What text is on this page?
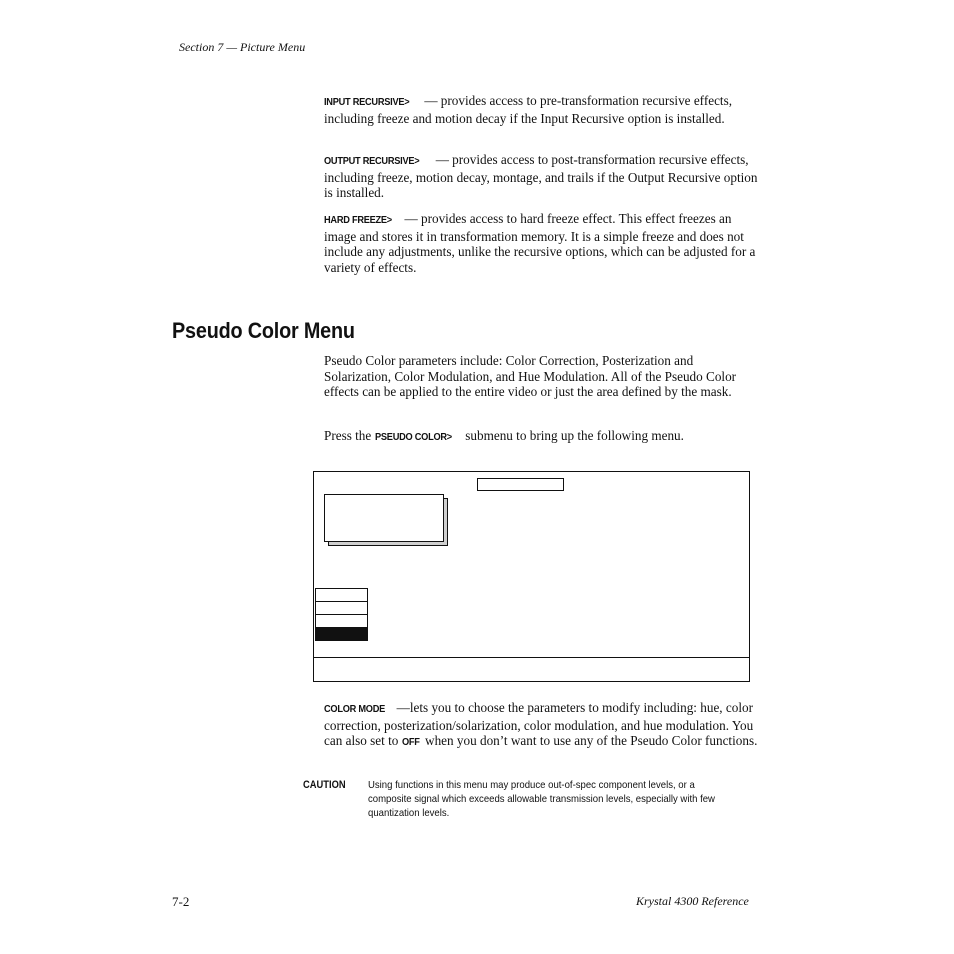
Section 7 — Picture Menu
INPUT RECURSIVE> — provides access to pre-transformation recursive effects, including freeze and motion decay if the Input Recursive option is installed.
OUTPUT RECURSIVE> — provides access to post-transformation recursive effects, including freeze, motion decay, montage, and trails if the Output Recursive option is installed.
HARD FREEZE> — provides access to hard freeze effect. This effect freezes an image and stores it in transformation memory. It is a simple freeze and does not include any adjustments, unlike the recursive options, which can be adjusted for a variety of effects.
Pseudo Color Menu
Pseudo Color parameters include: Color Correction, Posterization and Solarization, Color Modulation, and Hue Modulation. All of the Pseudo Color effects can be applied to the entire video or just the area defined by the mask.
Press the PSEUDO COLOR> submenu to bring up the following menu.
COLOR MODE —lets you to choose the parameters to modify including: hue, color correction, posterization/solarization, color modulation, and hue modulation. You can also set to OFF when you don’t want to use any of the Pseudo Color functions.
CAUTION Using functions in this menu may produce out-of-spec component levels, or a composite signal which exceeds allowable transmission levels, especially with few quantization levels.
7-2	Krystal 4300 Reference
